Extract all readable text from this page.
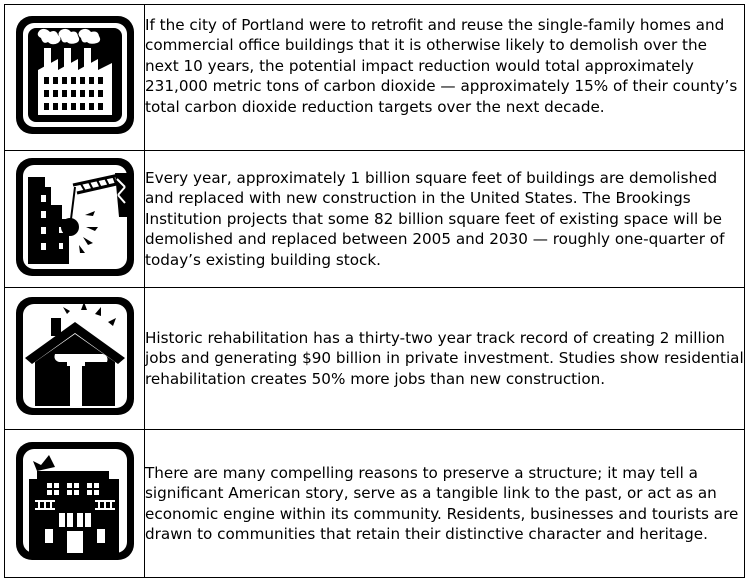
	If the city of Portland were to retrofit and reuse the single-family homes and commercial office buildings that it is otherwise likely to demolish over the next 10 years, the potential impact reduction would total approximately 231,000 metric tons of carbon dioxide — approximately 15% of their county’s total carbon dioxide reduction targets over the next decade.

	Every year, approximately 1 billion square feet of buildings are demolished and replaced with new construction in the United States. The Brookings Institution projects that some 82 billion square feet of existing space will be demolished and replaced between 2005 and 2030 — roughly one-quarter of today’s existing building stock.

	Historic rehabilitation has a thirty-two year track record of creating 2 million jobs and generating $90 billion in private investment. Studies show residential rehabilitation creates 50% more jobs than new construction.

	There are many compelling reasons to preserve a structure; it may tell a significant American story, serve as a tangible link to the past, or act as an economic engine within its community. Residents, businesses and tourists are drawn to communities that retain their distinctive character and heritage.
